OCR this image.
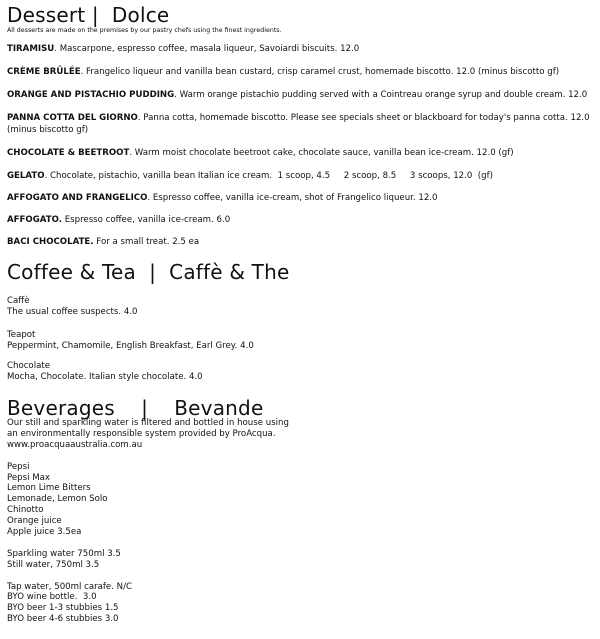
Dessert |  Dolce
All desserts are made on the premises by our pastry chefs using the finest ingredients.
TIRAMISU. Mascarpone, espresso coffee, masala liqueur, Savoiardi biscuits. 12.0
CRÈME BRÛLÉE. Frangelico liqueur and vanilla bean custard, crisp caramel crust, homemade biscotto. 12.0 (minus biscotto gf)
ORANGE AND PISTACHIO PUDDING. Warm orange pistachio pudding served with a Cointreau orange syrup and double cream. 12.0
PANNA COTTA DEL GIORNO. Panna cotta, homemade biscotto. Please see specials sheet or blackboard for today's panna cotta. 12.0 (minus biscotto gf)
CHOCOLATE & BEETROOT. Warm moist chocolate beetroot cake, chocolate sauce, vanilla bean ice-cream. 12.0 (gf)
GELATO. Chocolate, pistachio, vanilla bean Italian ice cream.  1 scoop, 4.5     2 scoop, 8.5     3 scoops, 12.0  (gf)
AFFOGATO AND FRANGELICO. Espresso coffee, vanilla ice-cream, shot of Frangelico liqueur. 12.0
AFFOGATO. Espresso coffee, vanilla ice-cream. 6.0
BACI CHOCOLATE. For a small treat. 2.5 ea
Coffee & Tea  |  Caffè & The
Caffè
The usual coffee suspects. 4.0
Teapot
Peppermint, Chamomile, English Breakfast, Earl Grey. 4.0
Chocolate
Mocha, Chocolate. Italian style chocolate. 4.0
Beverages    |    Bevande
Our still and sparkling water is filtered and bottled in house using
an environmentally responsible system provided by ProAcqua.
www.proacquaaustralia.com.au
Pepsi
Pepsi Max
Lemon Lime Bitters
Lemonade, Lemon Solo
Chinotto
Orange juice
Apple juice 3.5ea
Sparkling water 750ml 3.5
Still water, 750ml 3.5
Tap water, 500ml carafe. N/C
BYO wine bottle.  3.0
BYO beer 1-3 stubbies 1.5
BYO beer 4-6 stubbies 3.0
